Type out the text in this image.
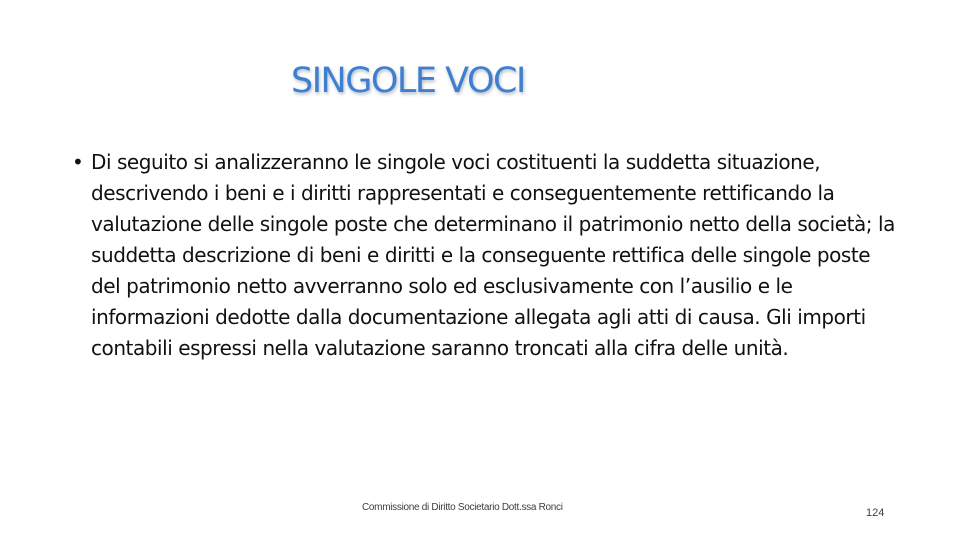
SINGOLE VOCI
• Di seguito si analizzeranno le singole voci costituenti la suddetta situazione, descrivendo i beni e i diritti rappresentati e conseguentemente rettificando la valutazione delle singole poste che determinano il patrimonio netto della società; la suddetta descrizione di beni e diritti e la conseguente rettifica delle singole poste del patrimonio netto avverranno solo ed esclusivamente con l’ausilio e le informazioni dedotte dalla documentazione allegata agli atti di causa. Gli importi contabili espressi nella valutazione saranno troncati alla cifra delle unità.
Commissione di Diritto Societario Dott.ssa Ronci	124
